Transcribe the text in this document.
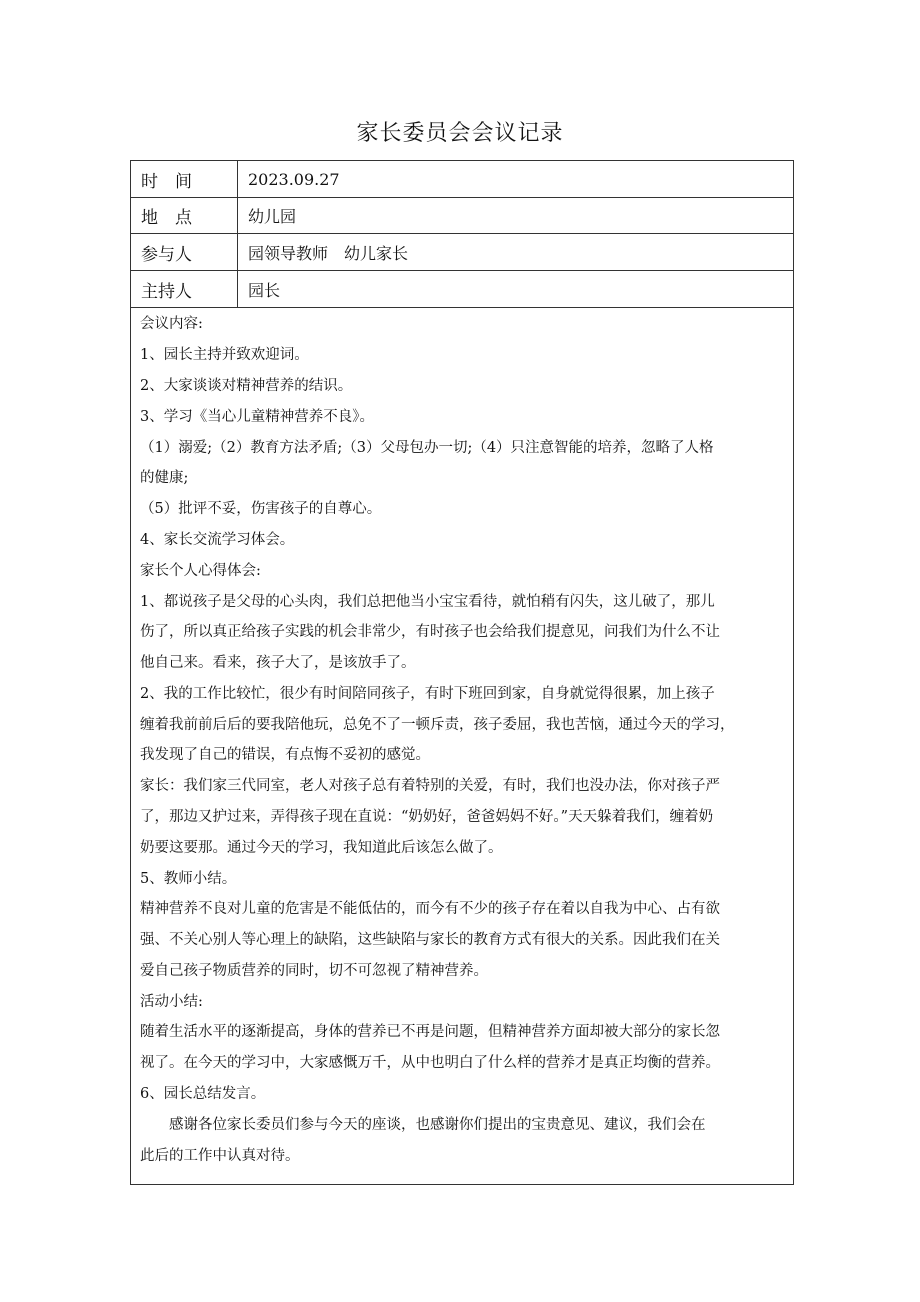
家长委员会会议记录
时　间	2023.09.27
地　点	幼儿园
参与人	园领导教师　幼儿家长
主持人	园长
会议内容:
1、园长主持并致欢迎词。
2、大家谈谈对精神营养的结识。
3、学习《当心儿童精神营养不良》。
（1）溺爱;（2）教育方法矛盾;（3）父母包办一切;（4）只注意智能的培养，忽略了人格
的健康;
（5）批评不妥，伤害孩子的自尊心。
4、家长交流学习体会。
家长个人心得体会:
1、都说孩子是父母的心头肉，我们总把他当小宝宝看待，就怕稍有闪失，这儿破了，那儿
伤了，所以真正给孩子实践的机会非常少，有时孩子也会给我们提意见，问我们为什么不让
他自己来。看来，孩子大了，是该放手了。
2、我的工作比较忙，很少有时间陪同孩子，有时下班回到家，自身就觉得很累，加上孩子
缠着我前前后后的要我陪他玩，总免不了一顿斥责，孩子委屈，我也苦恼，通过今天的学习，
我发现了自己的错误，有点悔不妥初的感觉。
家长：我们家三代同室，老人对孩子总有着特别的关爱，有时，我们也没办法，你对孩子严
了，那边又护过来，弄得孩子现在直说：“奶奶好，爸爸妈妈不好。”天天躲着我们，缠着奶
奶要这要那。通过今天的学习，我知道此后该怎么做了。
5、教师小结。
精神营养不良对儿童的危害是不能低估的，而今有不少的孩子存在着以自我为中心、占有欲
强、不关心别人等心理上的缺陷，这些缺陷与家长的教育方式有很大的关系。因此我们在关
爱自己孩子物质营养的同时，切不可忽视了精神营养。
活动小结:
随着生活水平的逐渐提高，身体的营养已不再是问题，但精神营养方面却被大部分的家长忽
视了。在今天的学习中，大家感慨万千，从中也明白了什么样的营养才是真正均衡的营养。
6、园长总结发言。
　　感谢各位家长委员们参与今天的座谈，也感谢你们提出的宝贵意见、建议，我们会在
此后的工作中认真对待。
